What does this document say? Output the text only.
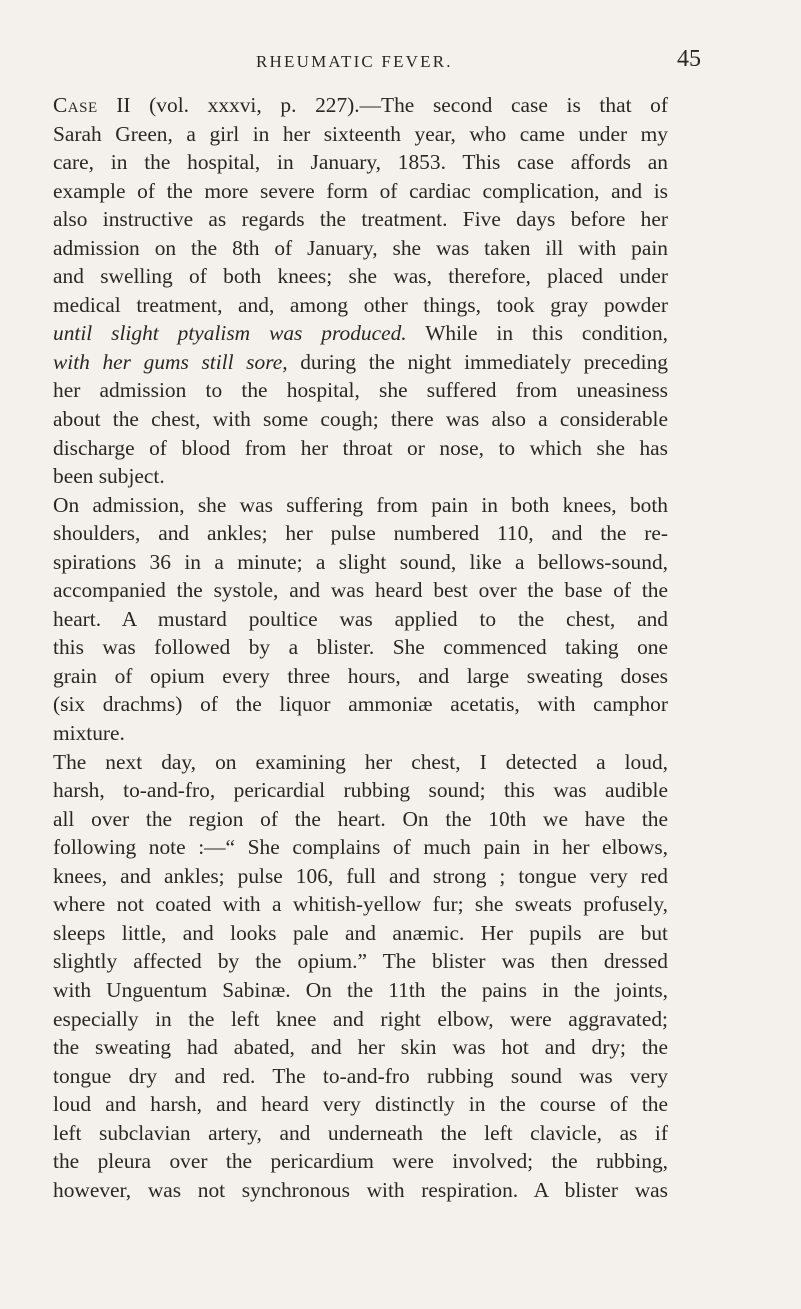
RHEUMATIC FEVER.	45
Case II (vol. xxxvi, p. 227).—The second case is that of
Sarah Green, a girl in her sixteenth year, who came under my
care, in the hospital, in January, 1853. This case affords an
example of the more severe form of cardiac complication, and is
also instructive as regards the treatment. Five days before her
admission on the 8th of January, she was taken ill with pain
and swelling of both knees; she was, therefore, placed under
medical treatment, and, among other things, took gray powder
until slight ptyalism was produced. While in this condition,
with her gums still sore, during the night immediately preceding
her admission to the hospital, she suffered from uneasiness
about the chest, with some cough; there was also a considerable
discharge of blood from her throat or nose, to which she has
been subject.
On admission, she was suffering from pain in both knees, both
shoulders, and ankles; her pulse numbered 110, and the re-
spirations 36 in a minute; a slight sound, like a bellows-sound,
accompanied the systole, and was heard best over the base of the
heart. A mustard poultice was applied to the chest, and
this was followed by a blister. She commenced taking one
grain of opium every three hours, and large sweating doses
(six drachms) of the liquor ammoniæ acetatis, with camphor
mixture.
The next day, on examining her chest, I detected a loud,
harsh, to-and-fro, pericardial rubbing sound; this was audible
all over the region of the heart. On the 10th we have the
following note :—“ She complains of much pain in her elbows,
knees, and ankles; pulse 106, full and strong ; tongue very red
where not coated with a whitish-yellow fur; she sweats profusely,
sleeps little, and looks pale and anæmic. Her pupils are but
slightly affected by the opium.” The blister was then dressed
with Unguentum Sabinæ. On the 11th the pains in the joints,
especially in the left knee and right elbow, were aggravated;
the sweating had abated, and her skin was hot and dry; the
tongue dry and red. The to-and-fro rubbing sound was very
loud and harsh, and heard very distinctly in the course of the
left subclavian artery, and underneath the left clavicle, as if
the pleura over the pericardium were involved; the rubbing,
however, was not synchronous with respiration. A blister was
